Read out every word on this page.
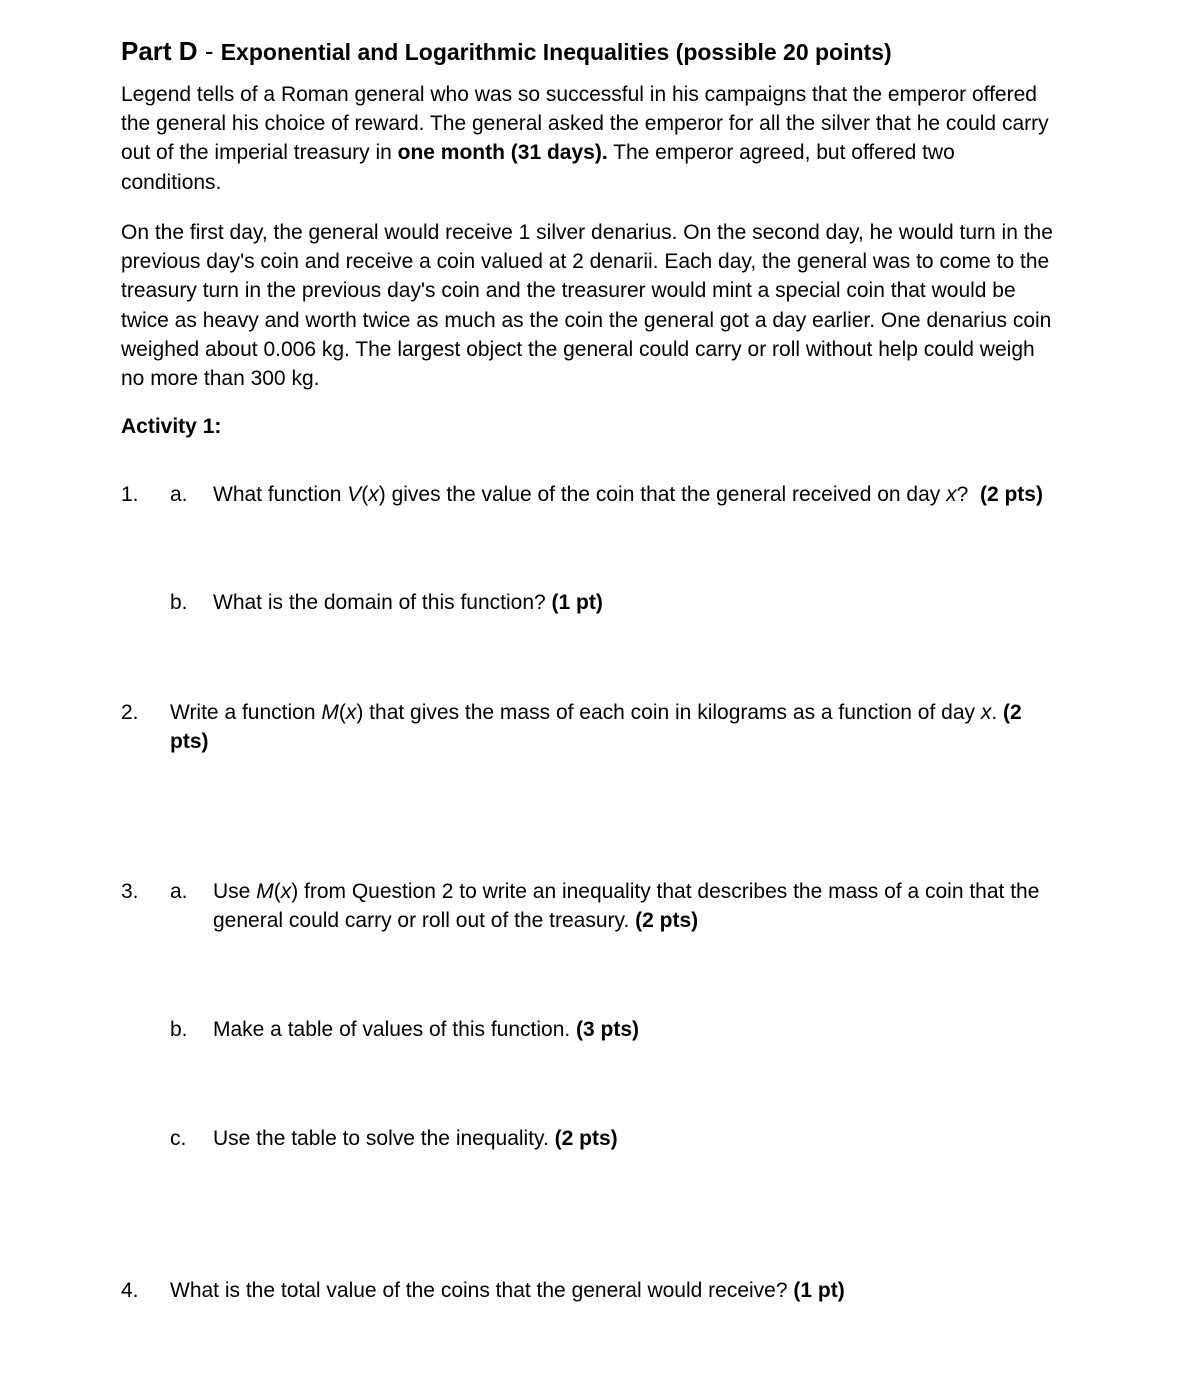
Part D - Exponential and Logarithmic Inequalities (possible 20 points)
Legend tells of a Roman general who was so successful in his campaigns that the emperor offered
the general his choice of reward. The general asked the emperor for all the silver that he could carry
out of the imperial treasury in one month (31 days). The emperor agreed, but offered two
conditions.
On the first day, the general would receive 1 silver denarius. On the second day, he would turn in the
previous day's coin and receive a coin valued at 2 denarii. Each day, the general was to come to the
treasury turn in the previous day's coin and the treasurer would mint a special coin that would be
twice as heavy and worth twice as much as the coin the general got a day earlier. One denarius coin
weighed about 0.006 kg. The largest object the general could carry or roll without help could weigh
no more than 300 kg.
Activity 1:
1. a. What function V(x) gives the value of the coin that the general received on day x? (2 pts)
b. What is the domain of this function? (1 pt)
2. Write a function M(x) that gives the mass of each coin in kilograms as a function of day x. (2
pts)
3. a. Use M(x) from Question 2 to write an inequality that describes the mass of a coin that the
general could carry or roll out of the treasury. (2 pts)
b. Make a table of values of this function. (3 pts)
c. Use the table to solve the inequality. (2 pts)
4. What is the total value of the coins that the general would receive? (1 pt)
